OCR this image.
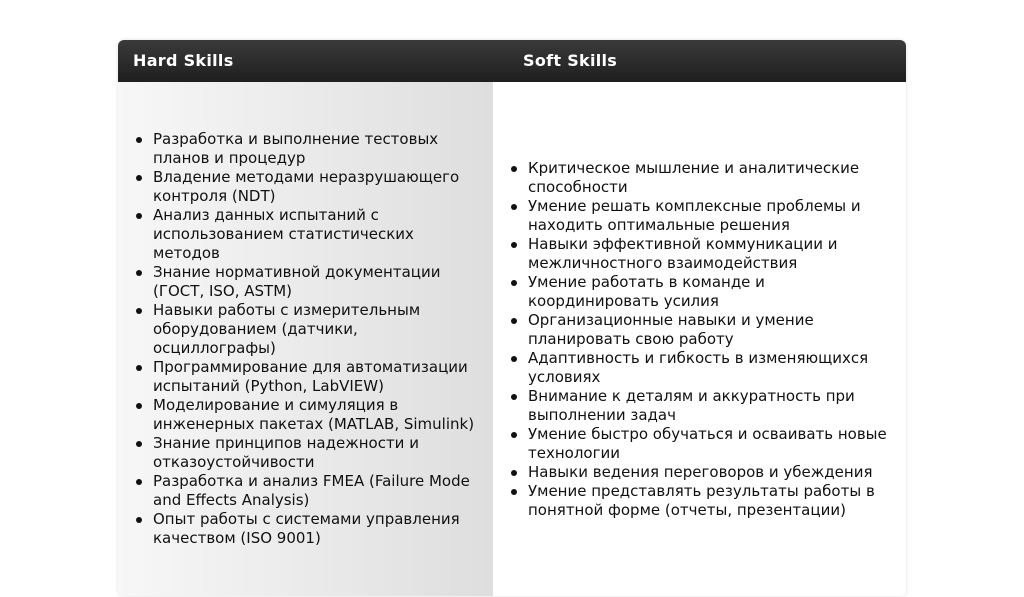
Hard Skills	Soft Skills
Разработка и выполнение тестовых планов и процедур
Владение методами неразрушающего контроля (NDT)
Анализ данных испытаний с использованием статистических методов
Знание нормативной документации (ГОСТ, ISO, ASTM)
Навыки работы с измерительным оборудованием (датчики, осциллографы)
Программирование для автоматизации испытаний (Python, LabVIEW)
Моделирование и симуляция в инженерных пакетах (MATLAB, Simulink)
Знание принципов надежности и отказоустойчивости
Разработка и анализ FMEA (Failure Mode and Effects Analysis)
Опыт работы с системами управления качеством (ISO 9001)
Критическое мышление и аналитические способности
Умение решать комплексные проблемы и находить оптимальные решения
Навыки эффективной коммуникации и межличностного взаимодействия
Умение работать в команде и координировать усилия
Организационные навыки и умение планировать свою работу
Адаптивность и гибкость в изменяющихся условиях
Внимание к деталям и аккуратность при выполнении задач
Умение быстро обучаться и осваивать новые технологии
Навыки ведения переговоров и убеждения
Умение представлять результаты работы в понятной форме (отчеты, презентации)
